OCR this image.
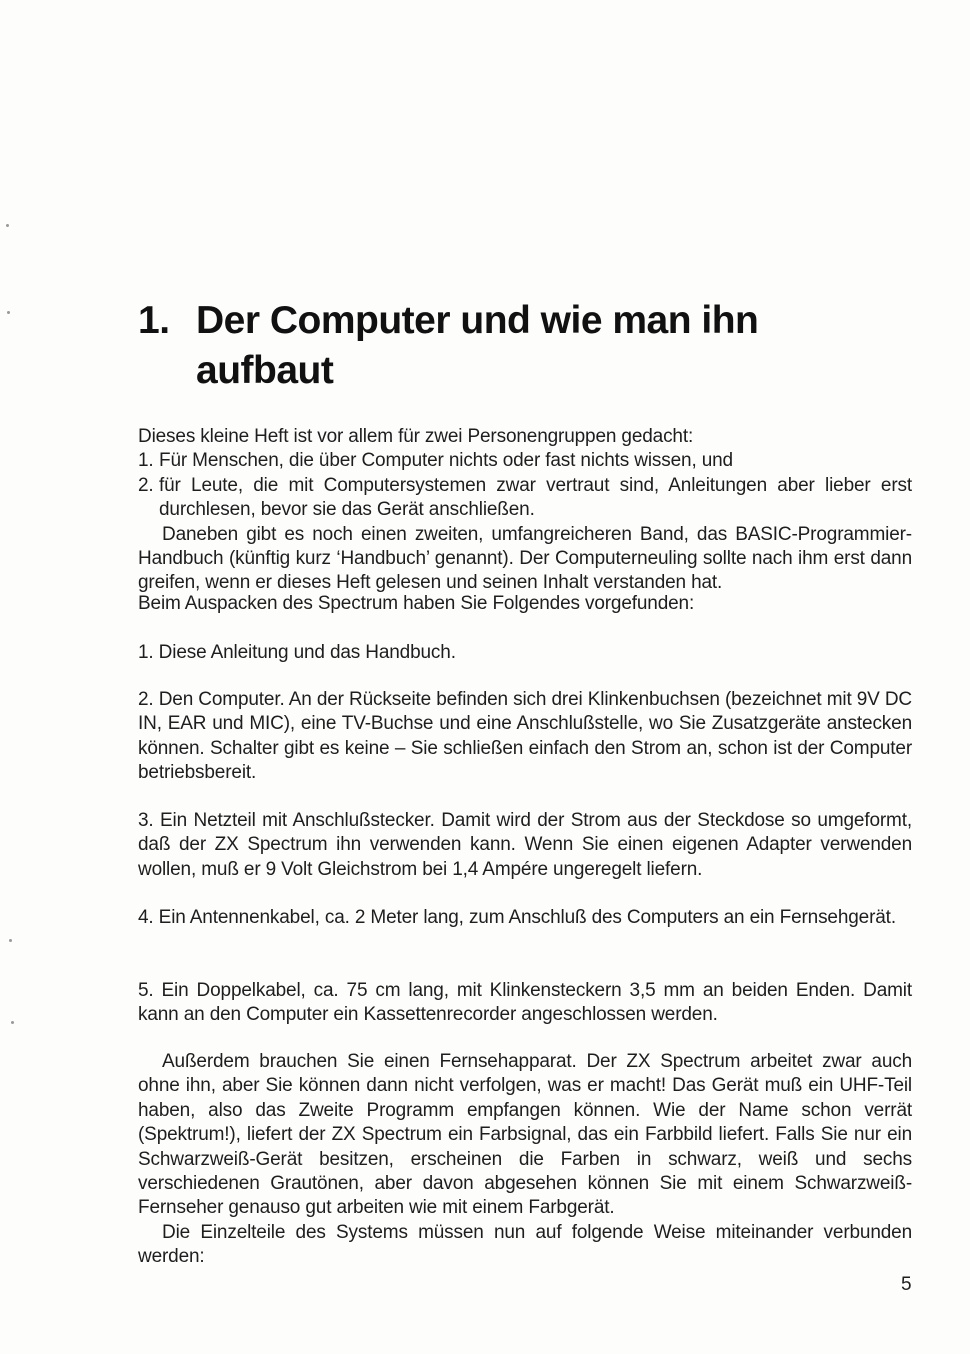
1. Der Computer und wie man ihn
aufbaut

Dieses kleine Heft ist vor allem für zwei Personengruppen gedacht:

1. Für Menschen, die über Computer nichts oder fast nichts wissen, und
2. für Leute, die mit Computersystemen zwar vertraut sind, Anleitungen aber lieber erst durchlesen, bevor sie das Gerät anschließen.

Daneben gibt es noch einen zweiten, umfangreicheren Band, das BASIC-Programmier-Handbuch (künftig kurz ‘Handbuch’ genannt). Der Computerneuling sollte nach ihm erst dann greifen, wenn er dieses Heft gelesen und seinen Inhalt verstanden hat.

Beim Auspacken des Spectrum haben Sie Folgendes vorgefunden:

1. Diese Anleitung und das Handbuch.

2. Den Computer. An der Rückseite befinden sich drei Klinkenbuchsen (bezeichnet mit 9V DC IN, EAR und MIC), eine TV-Buchse und eine Anschlußstelle, wo Sie Zusatzgeräte anstecken können. Schalter gibt es keine – Sie schließen einfach den Strom an, schon ist der Computer betriebsbereit.

3. Ein Netzteil mit Anschlußstecker. Damit wird der Strom aus der Steckdose so umgeformt, daß der ZX Spectrum ihn verwenden kann. Wenn Sie einen eigenen Adapter verwenden wollen, muß er 9 Volt Gleichstrom bei 1,4 Ampére ungeregelt liefern.

4. Ein Antennenkabel, ca. 2 Meter lang, zum Anschluß des Computers an ein Fernsehgerät.

5. Ein Doppelkabel, ca. 75 cm lang, mit Klinkensteckern 3,5 mm an beiden Enden. Damit kann an den Computer ein Kassettenrecorder angeschlossen werden.

Außerdem brauchen Sie einen Fernsehapparat. Der ZX Spectrum arbeitet zwar auch ohne ihn, aber Sie können dann nicht verfolgen, was er macht! Das Gerät muß ein UHF-Teil haben, also das Zweite Programm empfangen können. Wie der Name schon verrät (Spektrum!), liefert der ZX Spectrum ein Farbsignal, das ein Farbbild liefert. Falls Sie nur ein Schwarzweiß-Gerät besitzen, erscheinen die Farben in schwarz, weiß und sechs verschiedenen Grautönen, aber davon abgesehen können Sie mit einem Schwarzweiß-Fernseher genauso gut arbeiten wie mit einem Farbgerät.

Die Einzelteile des Systems müssen nun auf folgende Weise miteinander verbunden werden:

5
